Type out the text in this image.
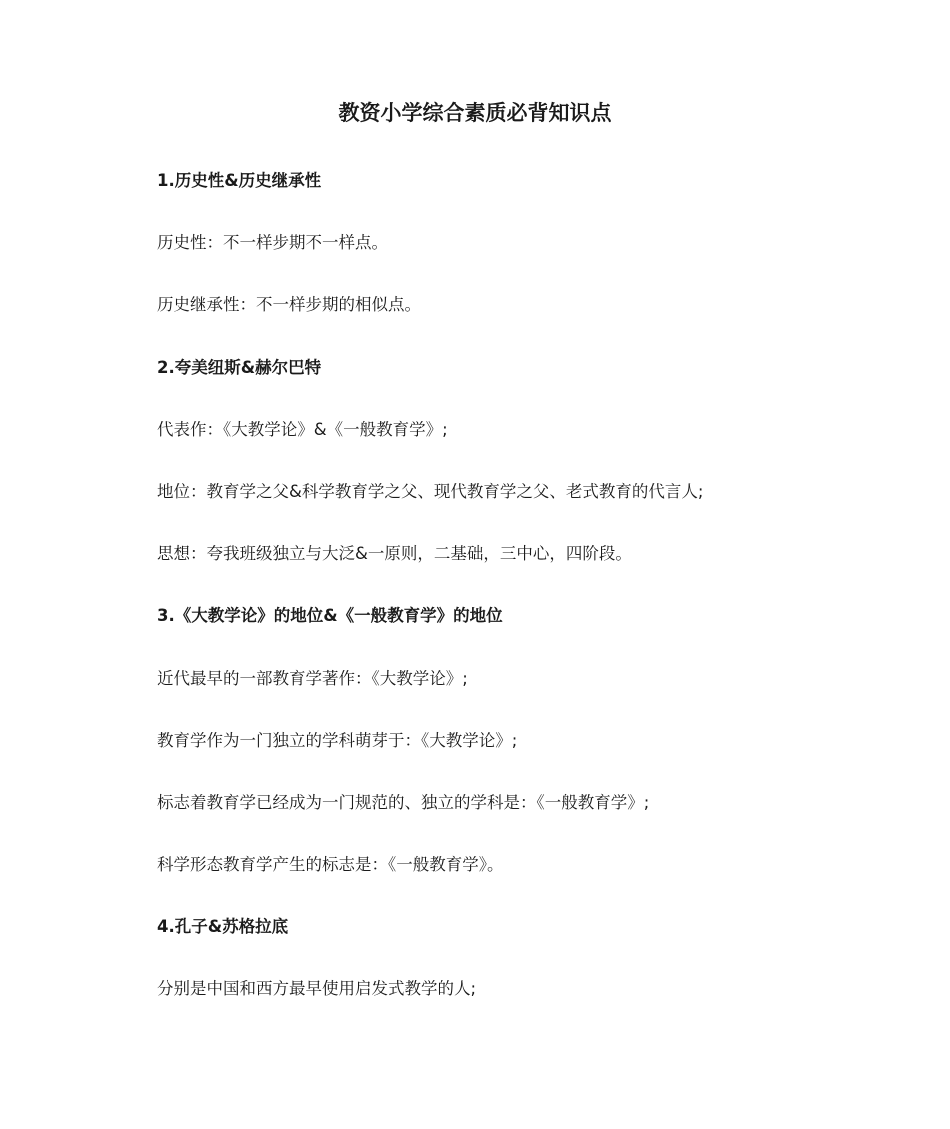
教资小学综合素质必背知识点

1.历史性&历史继承性

历史性：不一样步期不一样点。

历史继承性：不一样步期的相似点。

2.夸美纽斯&赫尔巴特

代表作：《大教学论》&《一般教育学》;

地位：教育学之父&科学教育学之父、现代教育学之父、老式教育的代言人;

思想：夸我班级独立与大泛&一原则，二基础，三中心，四阶段。

3.《大教学论》的地位&《一般教育学》的地位

近代最早的一部教育学著作：《大教学论》;

教育学作为一门独立的学科萌芽于：《大教学论》;

标志着教育学已经成为一门规范的、独立的学科是：《一般教育学》;

科学形态教育学产生的标志是：《一般教育学》。

4.孔子&苏格拉底

分别是中国和西方最早使用启发式教学的人;
